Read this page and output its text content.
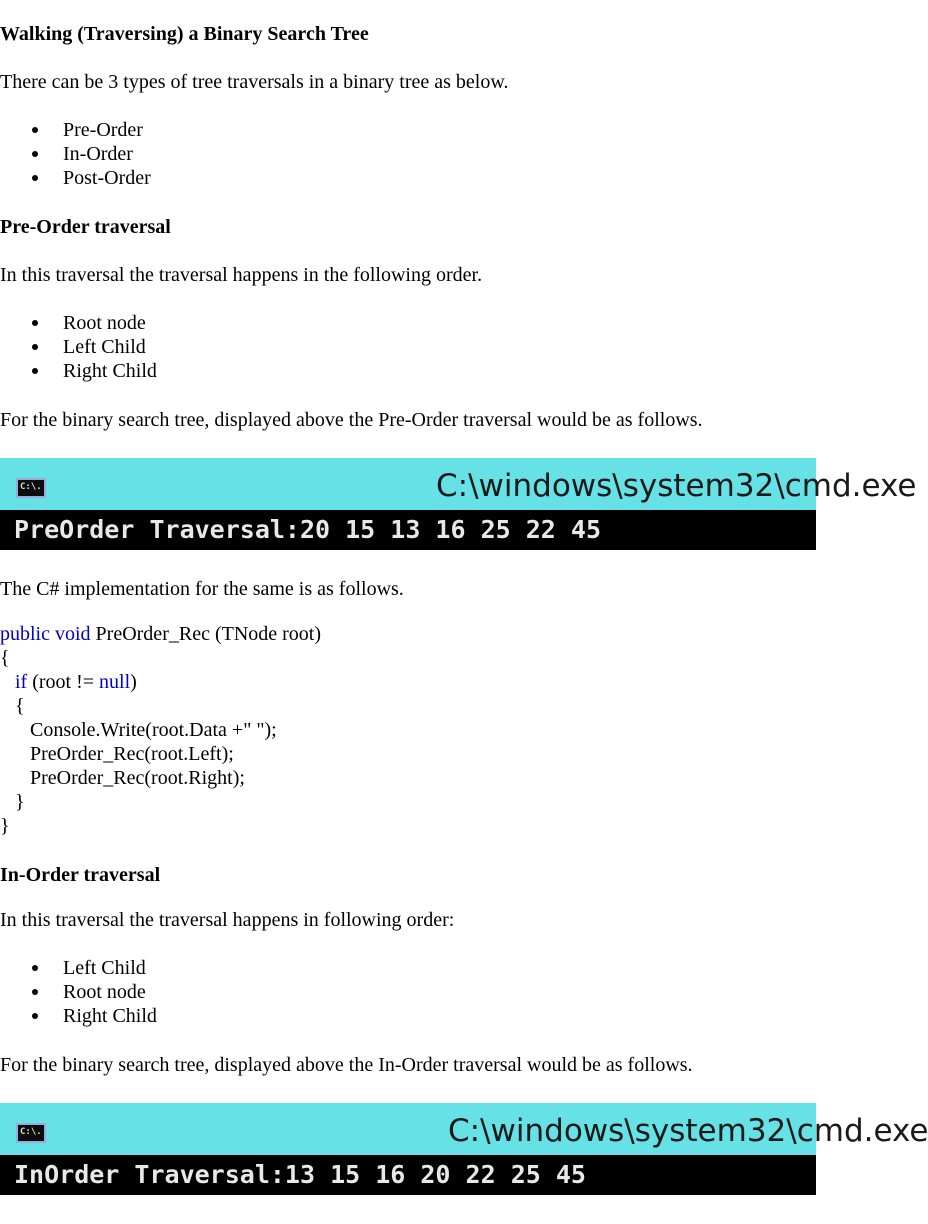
Walking (Traversing) a Binary Search Tree
There can be 3 types of tree traversals in a binary tree as below.
Pre-Order
In-Order
Post-Order
Pre-Order traversal
In this traversal the traversal happens in the following order.
Root node
Left Child
Right Child
For the binary search tree, displayed above the Pre-Order traversal would be as follows.
C:\.	C:\windows\system32\cmd.exe
PreOrder Traversal:20 15 13 16 25 22 45
The C# implementation for the same is as follows.
public void PreOrder_Rec (TNode root)
{
if (root != null)
{
Console.Write(root.Data +" ");
PreOrder_Rec(root.Left);
PreOrder_Rec(root.Right);
}
}
In-Order traversal
In this traversal the traversal happens in following order:
Left Child
Root node
Right Child
For the binary search tree, displayed above the In-Order traversal would be as follows.
C:\.	C:\windows\system32\cmd.exe
InOrder Traversal:13 15 16 20 22 25 45
